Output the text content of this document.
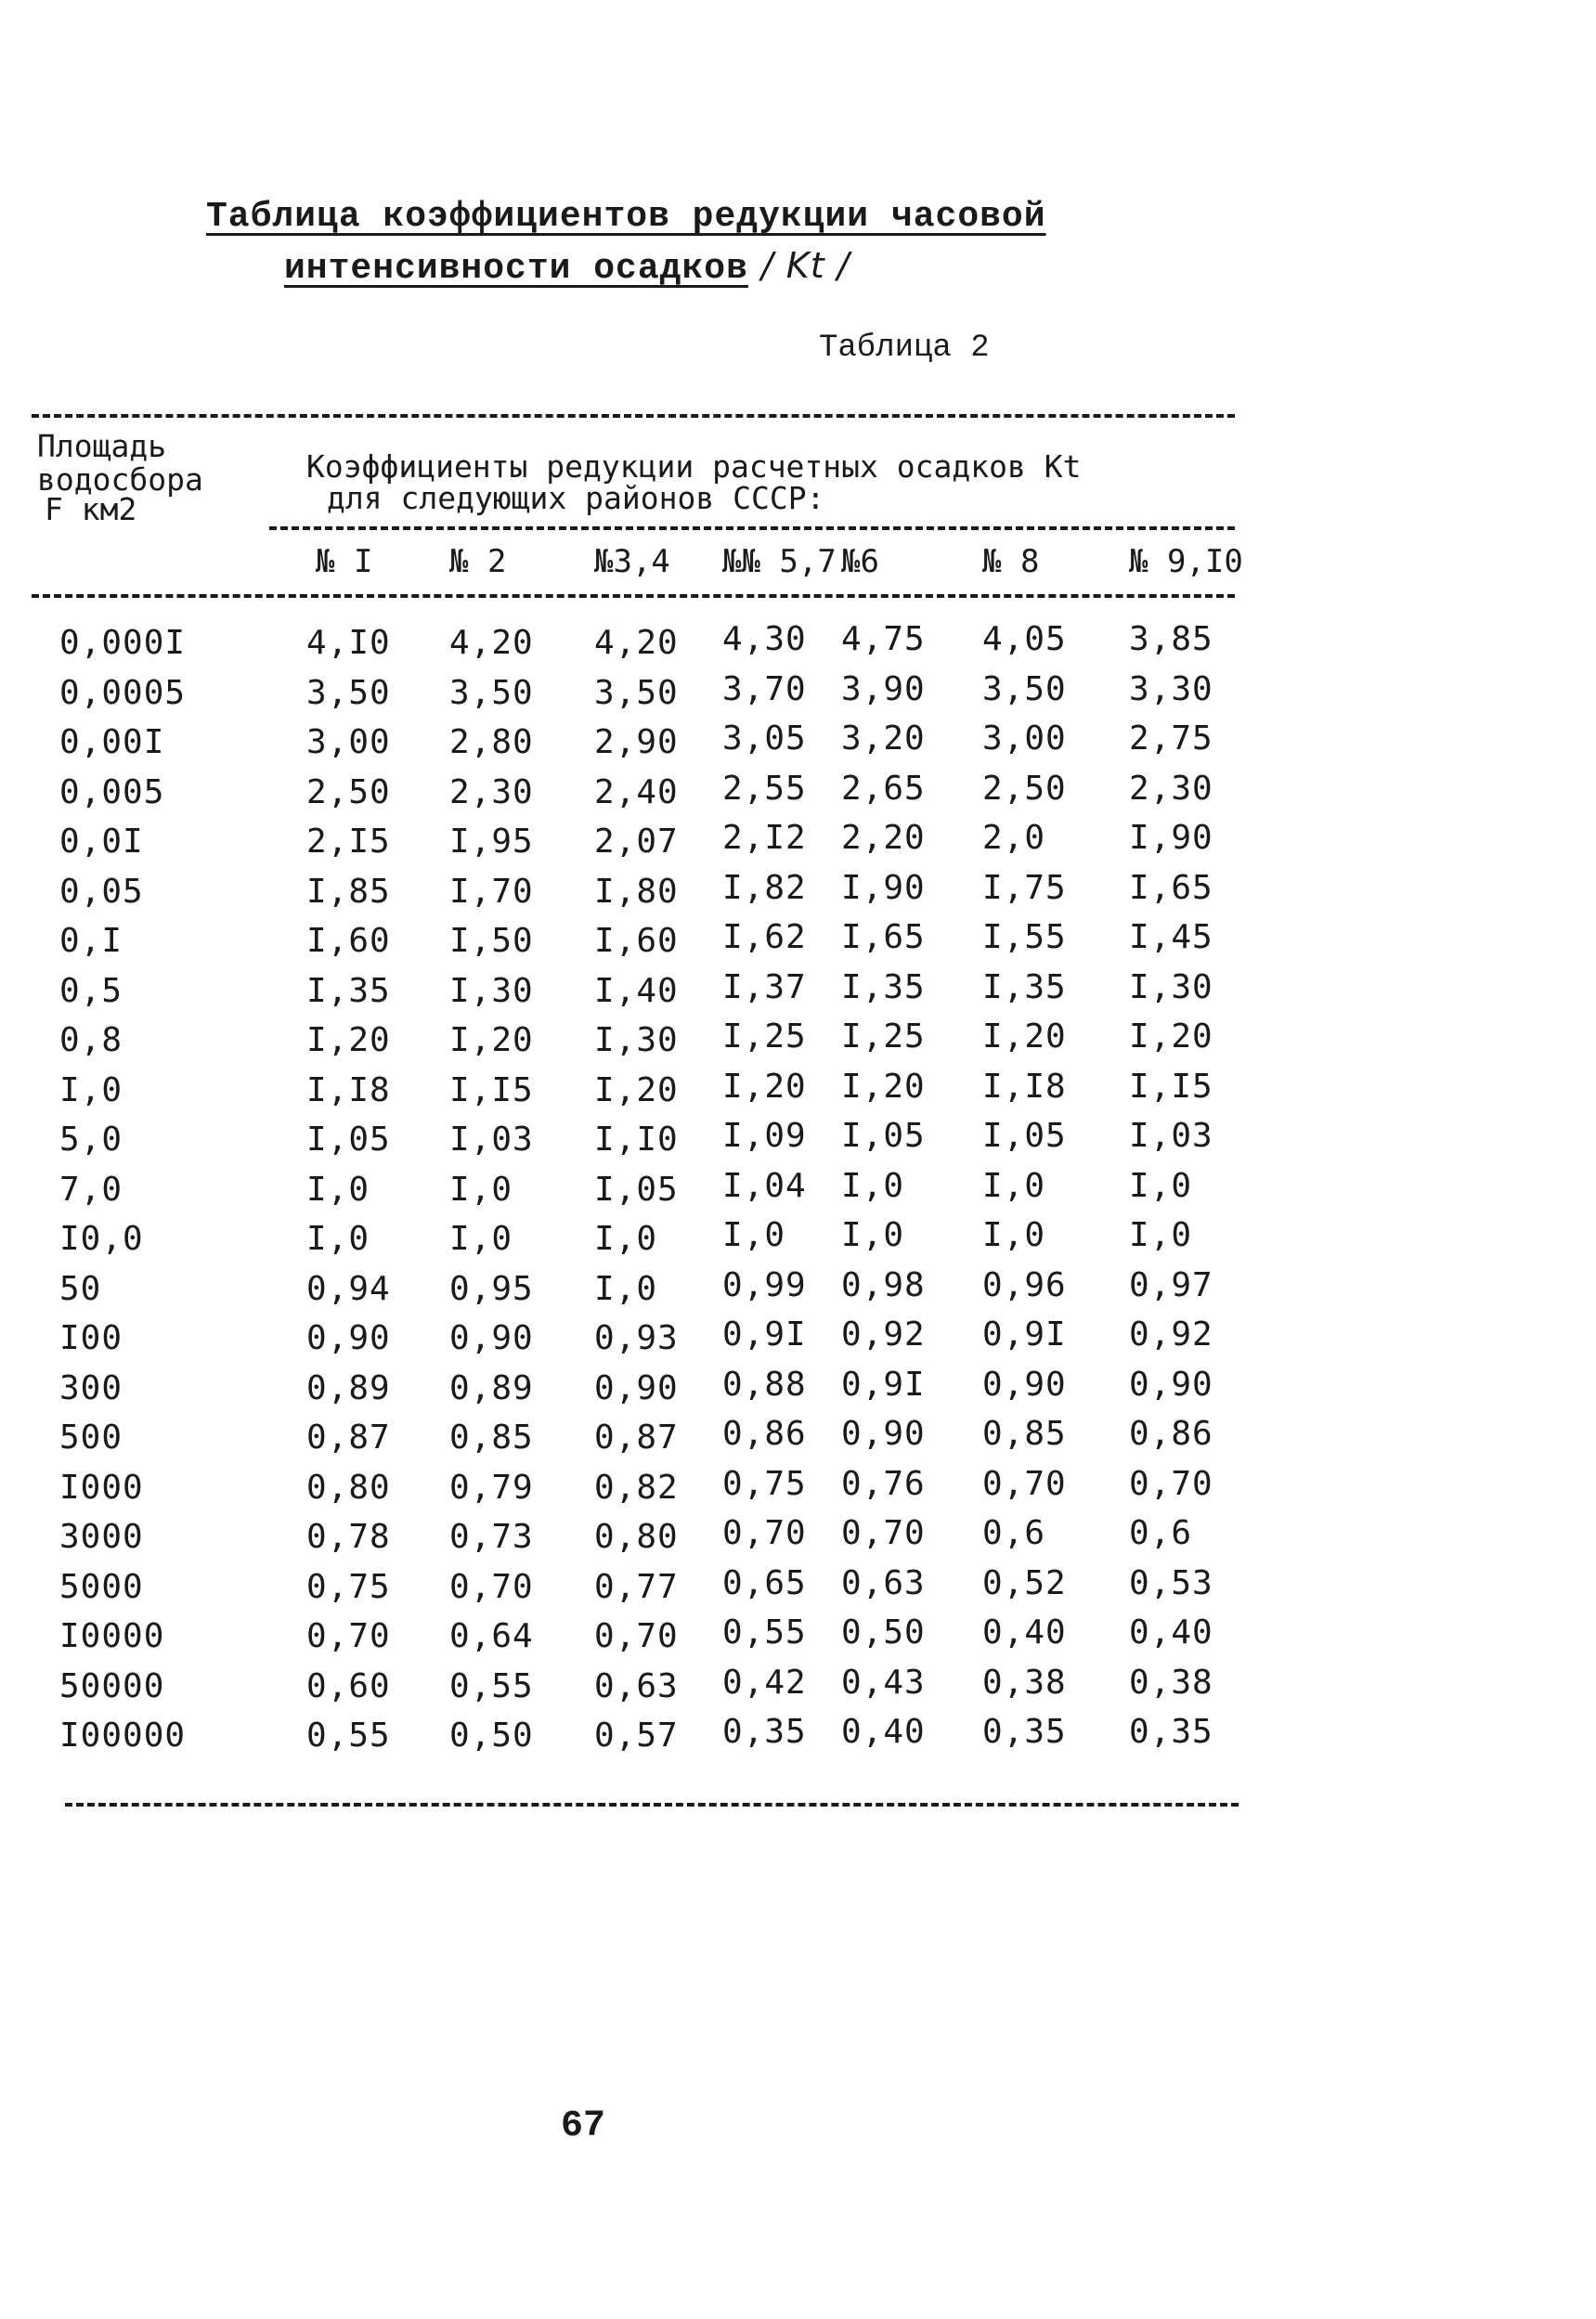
Таблица коэффициентов редукции часовой
интенсивности осадков / Kt /
Таблица 2
Площадь
водосбора
F км2
Коэффициенты редукции расчетных осадков Kt
для следующих районов СССР:
№ I № 2	№3,4 №№ 5,7 №6	№ 8	№ 9,I0
0,000I	4,I0 4,20 4,20 4,30 4,75 4,05 3,85
0,0005	3,50 3,50 3,50 3,70 3,90 3,50 3,30
0,00I	3,00 2,80 2,90 3,05 3,20 3,00 2,75
0,005	2,50 2,30 2,40 2,55 2,65 2,50 2,30
0,0I	2,I5 I,95 2,07 2,I2 2,20 2,0 I,90
0,05	I,85 I,70 I,80 I,82 I,90 I,75 I,65
0,I	I,60 I,50 I,60 I,62 I,65 I,55 I,45
0,5	I,35 I,30 I,40 I,37 I,35 I,35 I,30
0,8	I,20 I,20 I,30 I,25 I,25 I,20 I,20
I,0	I,I8 I,I5 I,20 I,20 I,20 I,I8 I,I5
5,0	I,05 I,03 I,I0 I,09 I,05 I,05 I,03
7,0	I,0 I,0 I,05 I,04 I,0 I,0 I,0
I0,0	I,0 I,0 I,0 I,0 I,0 I,0 I,0
50	0,94 0,95 I,0 0,99 0,98 0,96 0,97
I00	0,90 0,90 0,93 0,9I 0,92 0,9I 0,92
300	0,89 0,89 0,90 0,88 0,9I 0,90 0,90
500	0,87 0,85 0,87 0,86 0,90 0,85 0,86
I000	0,80 0,79 0,82 0,75 0,76 0,70 0,70
3000	0,78 0,73 0,80 0,70 0,70 0,6 0,6
5000	0,75 0,70 0,77 0,65 0,63 0,52 0,53
I0000	0,70 0,64 0,70 0,55 0,50 0,40 0,40
50000	0,60 0,55 0,63 0,42 0,43 0,38 0,38
I00000	0,55 0,50 0,57 0,35 0,40 0,35 0,35
67
